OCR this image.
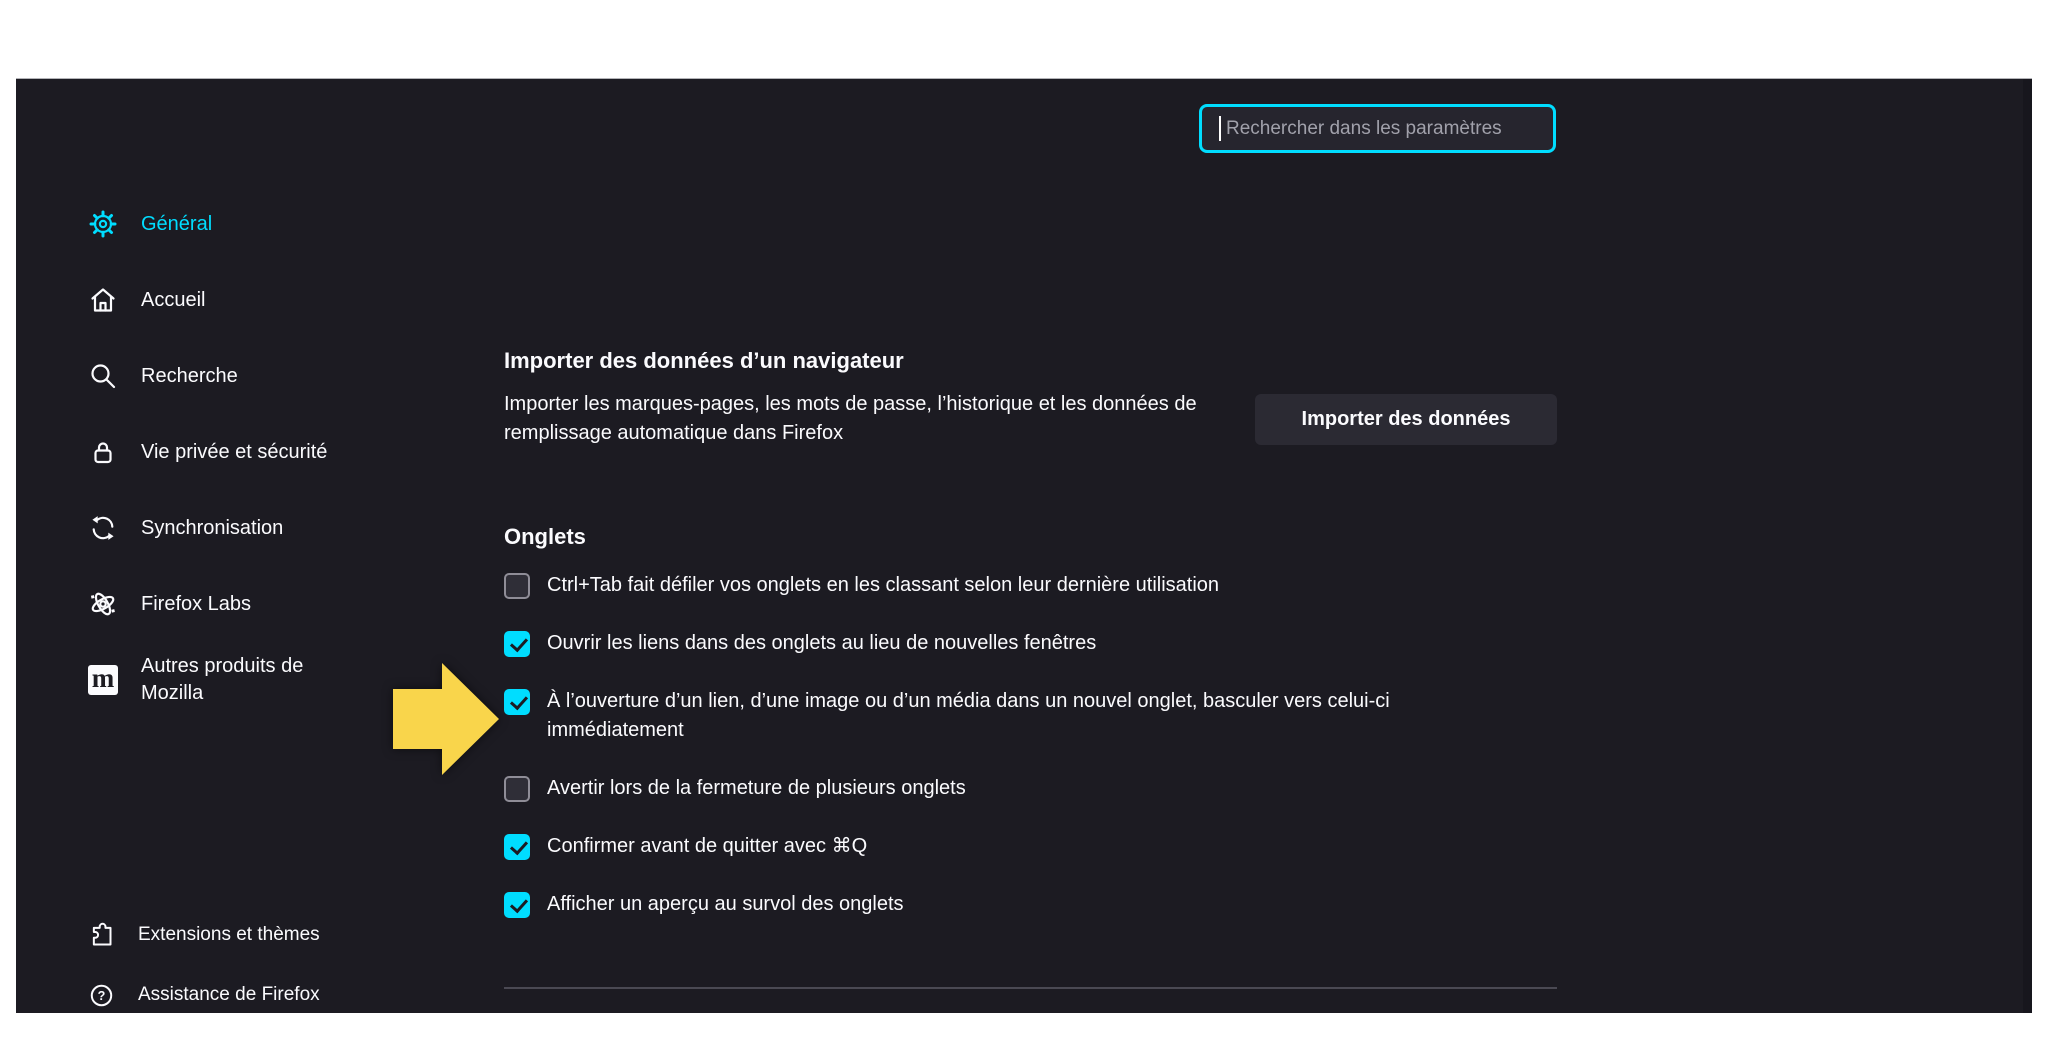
Rechercher dans les paramètres
Général
Accueil
Recherche
Vie privée et sécurité
Synchronisation
Firefox Labs
m Autres produits de Mozilla
Extensions et thèmes
? Assistance de Firefox
Importer des données d’un navigateur

Importer les marques-pages, les mots de passe, l’historique et les données de remplissage automatique dans Firefox

Importer des données
Onglets
Ctrl+Tab fait défiler vos onglets en les classant selon leur dernière utilisation
Ouvrir les liens dans des onglets au lieu de nouvelles fenêtres
À l’ouverture d’un lien, d’une image ou d’un média dans un nouvel onglet, basculer vers celui-ci immédiatement
Avertir lors de la fermeture de plusieurs onglets
Confirmer avant de quitter avec ⌘Q
Afficher un aperçu au survol des onglets
